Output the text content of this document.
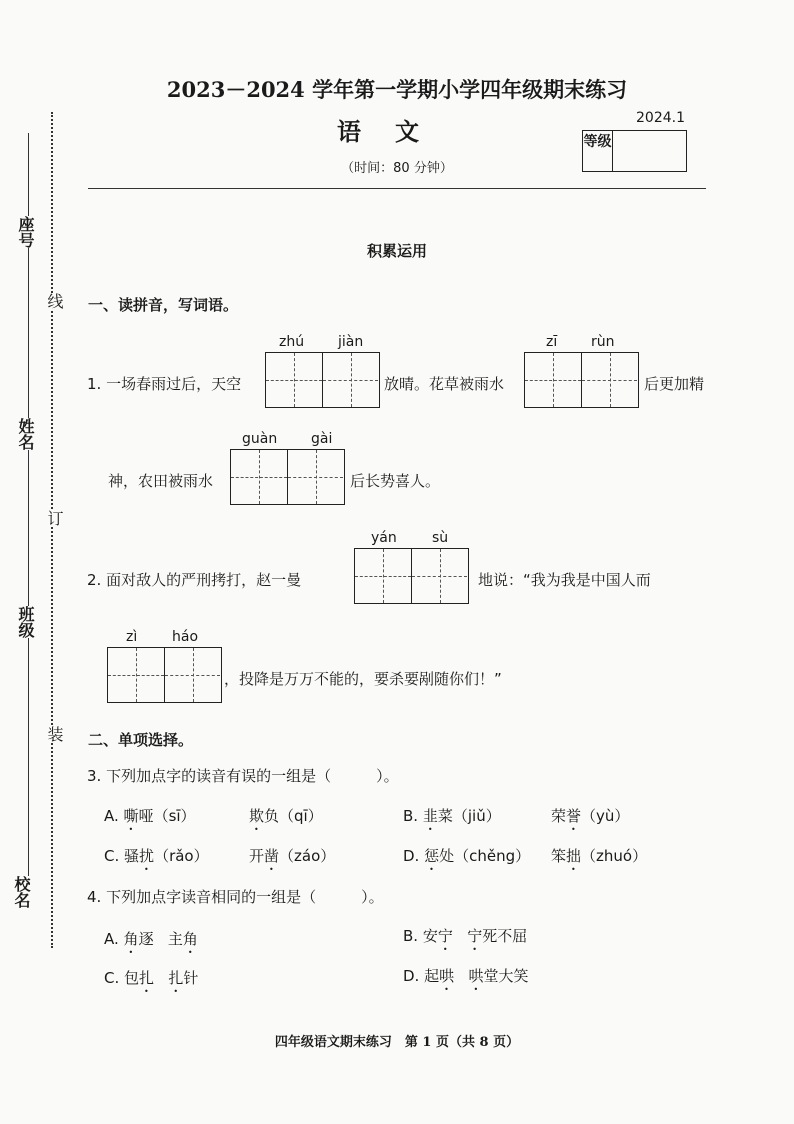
座号
姓名
班级
校名
线
订
装
2023－2024 学年第一学期小学四年级期末练习
语文	2024.1
（时间：80 分钟）
等级
积累运用
一、读拼音，写词语。
1. 一场春雨过后，天空
zhú jiàn
放晴。花草被雨水
zī rùn
后更加精
神，农田被雨水
guàn gài
后长势喜人。
2. 面对敌人的严刑拷打，赵一曼
yán	sù
地说：“我为我是中国人而
zì háo
，投降是万万不能的，要杀要剐随你们！”
二、单项选择。
3. 下列加点字的读音有误的一组是（　　　）。
A. 嘶哑（sī）	欺负（qī）	B. 韭菜（jiǔ）	荣誉（yù）
C. 骚扰（rǎo）	开凿（záo）	D. 惩处（chěng） 笨拙（zhuó）
4. 下列加点字读音相同的一组是（　　　）。
A. 角逐 主角	B. 安宁 宁死不屈
C. 包扎 扎针	D. 起哄 哄堂大笑
四年级语文期末练习　第 1 页（共 8 页）
